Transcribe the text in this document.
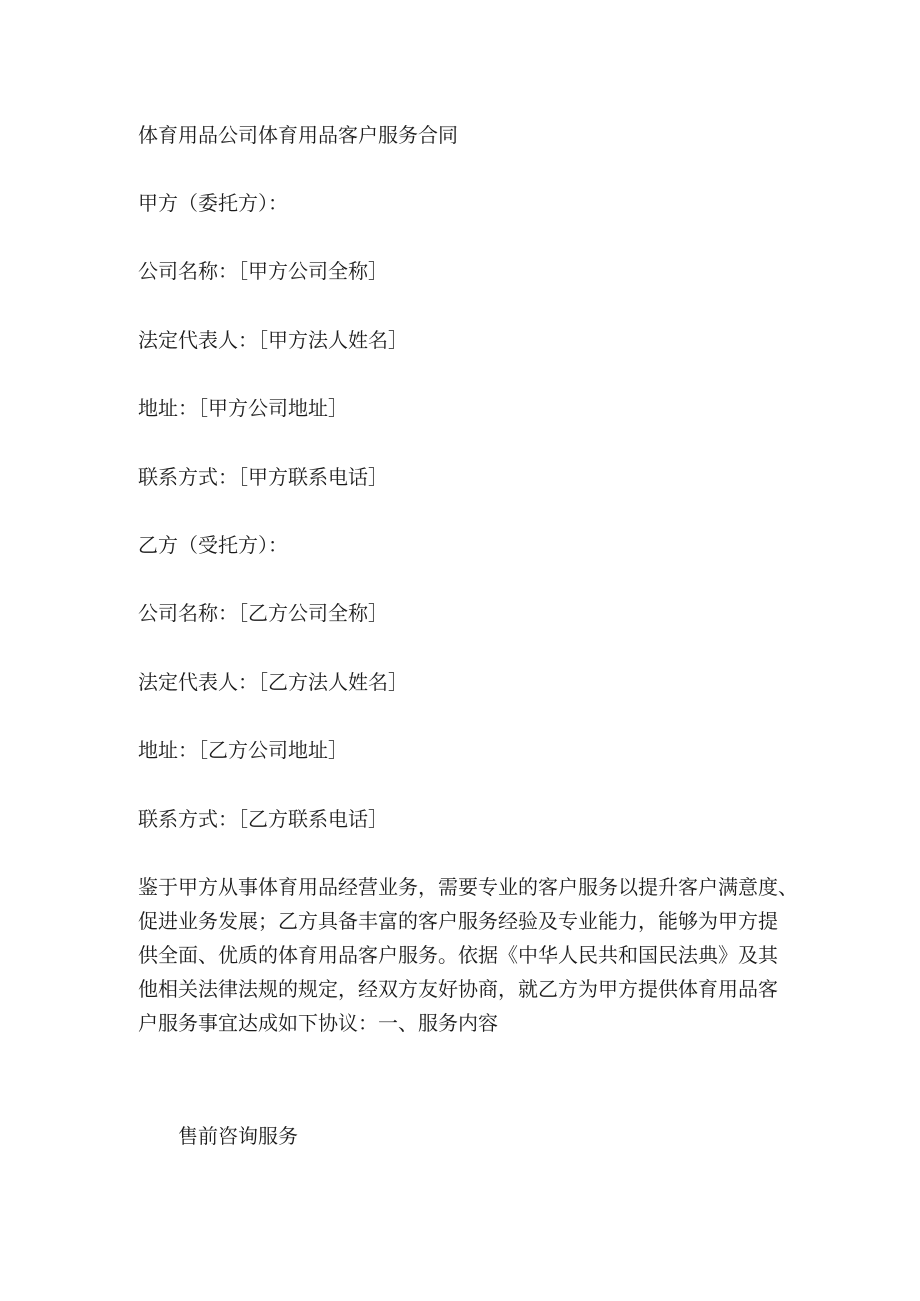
体育用品公司体育用品客户服务合同
甲方（委托方）：
公司名称：［甲方公司全称］
法定代表人：［甲方法人姓名］
地址：［甲方公司地址］
联系方式：［甲方联系电话］
乙方（受托方）：
公司名称：［乙方公司全称］
法定代表人：［乙方法人姓名］
地址：［乙方公司地址］
联系方式：［乙方联系电话］
鉴于甲方从事体育用品经营业务，需要专业的客户服务以提升客户满意度、
促进业务发展；乙方具备丰富的客户服务经验及专业能力，能够为甲方提
供全面、优质的体育用品客户服务。依据《中华人民共和国民法典》及其
他相关法律法规的规定，经双方友好协商，就乙方为甲方提供体育用品客
户服务事宜达成如下协议：一、服务内容
售前咨询服务
